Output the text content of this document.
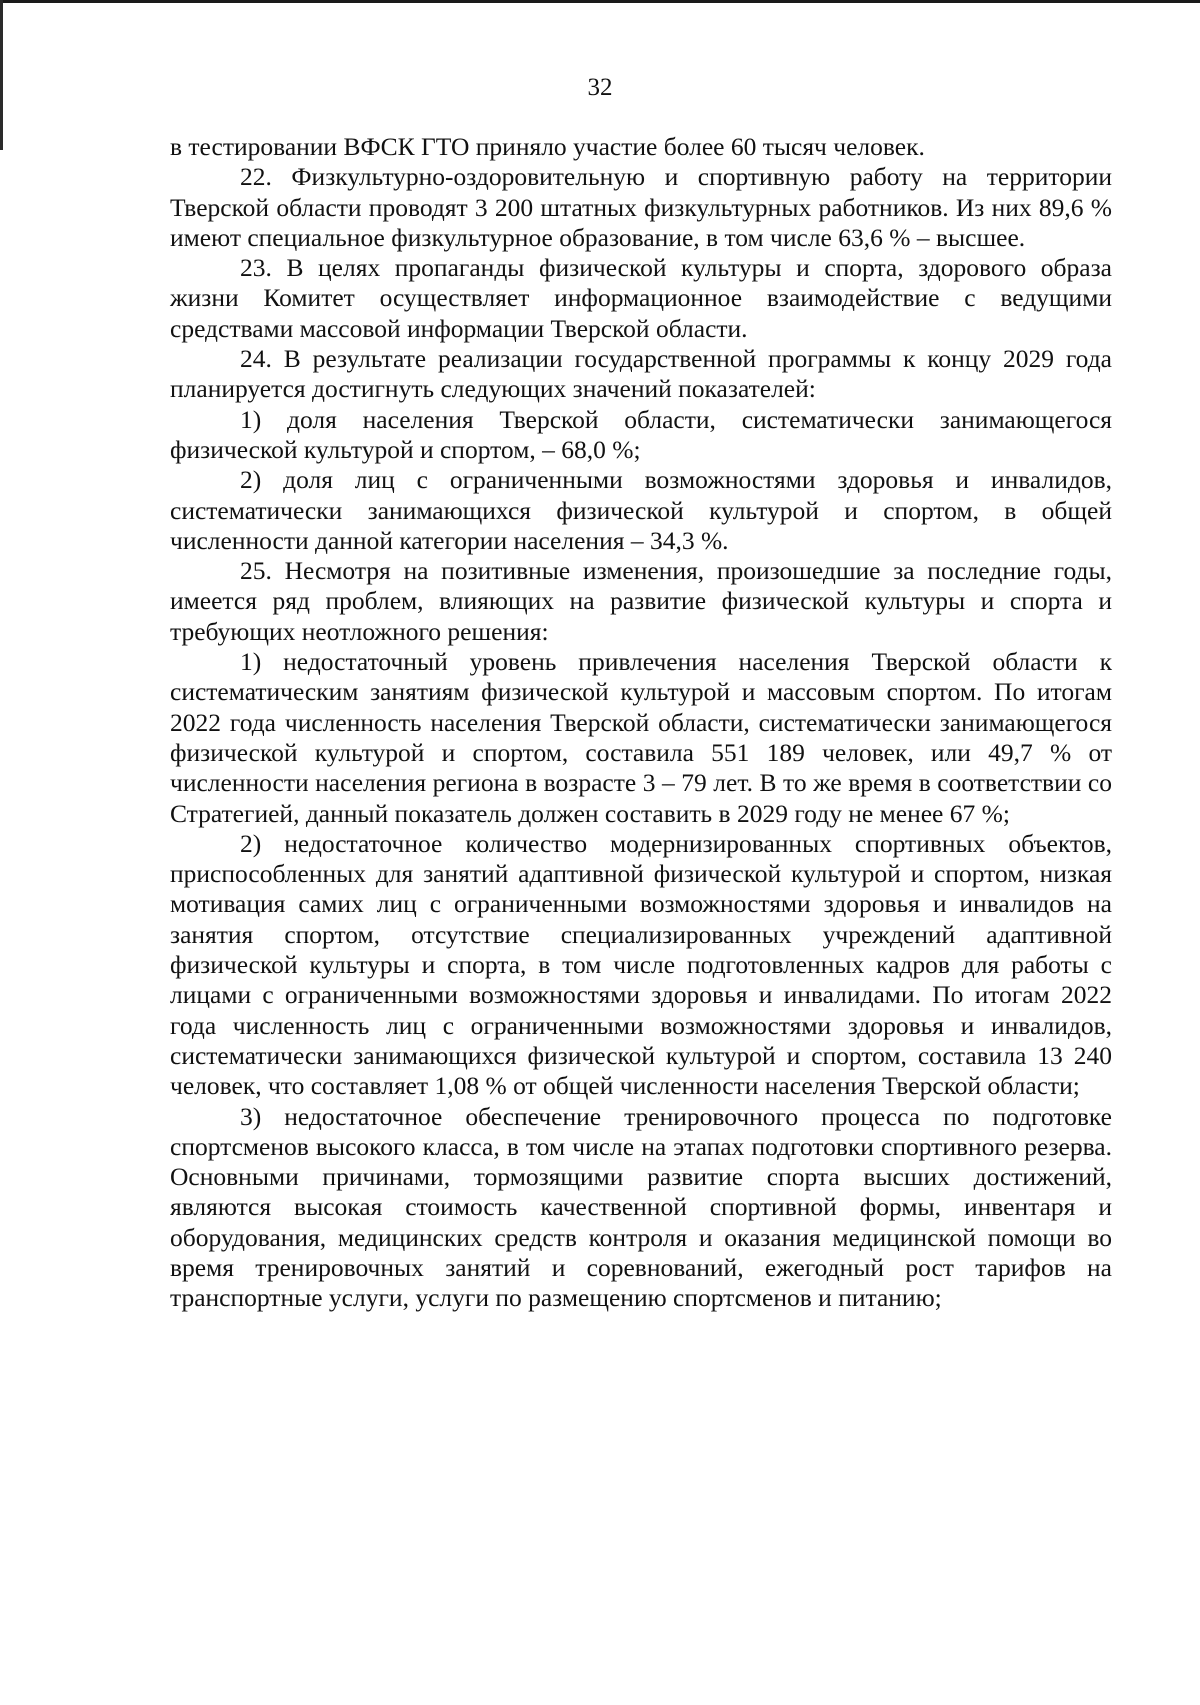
32

в тестировании ВФСК ГТО приняло участие более 60 тысяч человек.

22. Физкультурно-оздоровительную и спортивную работу на территории Тверской области проводят 3 200 штатных физкультурных работников. Из них 89,6 % имеют специальное физкультурное образование, в том числе 63,6 % – высшее.

23. В целях пропаганды физической культуры и спорта, здорового образа жизни Комитет осуществляет информационное взаимодействие с ведущими средствами массовой информации Тверской области.

24. В результате реализации государственной программы к концу 2029 года планируется достигнуть следующих значений показателей:

1) доля населения Тверской области, систематически занимающегося физической культурой и спортом, – 68,0 %;

2) доля лиц с ограниченными возможностями здоровья и инвалидов, систематически занимающихся физической культурой и спортом, в общей численности данной категории населения – 34,3 %.

25. Несмотря на позитивные изменения, произошедшие за последние годы, имеется ряд проблем, влияющих на развитие физической культуры и спорта и требующих неотложного решения:

1) недостаточный уровень привлечения населения Тверской области к систематическим занятиям физической культурой и массовым спортом. По итогам 2022 года численность населения Тверской области, систематически занимающегося физической культурой и спортом, составила 551 189 человек, или 49,7 % от численности населения региона в возрасте 3 – 79 лет. В то же время в соответствии со Стратегией, данный показатель должен составить в 2029 году не менее 67 %;

2) недостаточное количество модернизированных спортивных объектов, приспособленных для занятий адаптивной физической культурой и спортом, низкая мотивация самих лиц с ограниченными возможностями здоровья и инвалидов на занятия спортом, отсутствие специализированных учреждений адаптивной физической культуры и спорта, в том числе подготовленных кадров для работы с лицами с ограниченными возможностями здоровья и инвалидами. По итогам 2022 года численность лиц с ограниченными возможностями здоровья и инвалидов, систематически занимающихся физической культурой и спортом, составила 13 240 человек, что составляет 1,08 % от общей численности населения Тверской области;

3) недостаточное обеспечение тренировочного процесса по подготовке спортсменов высокого класса, в том числе на этапах подготовки спортивного резерва. Основными причинами, тормозящими развитие спорта высших достижений, являются высокая стоимость качественной спортивной формы, инвентаря и оборудования, медицинских средств контроля и оказания медицинской помощи во время тренировочных занятий и соревнований, ежегодный рост тарифов на транспортные услуги, услуги по размещению спортсменов и питанию;
